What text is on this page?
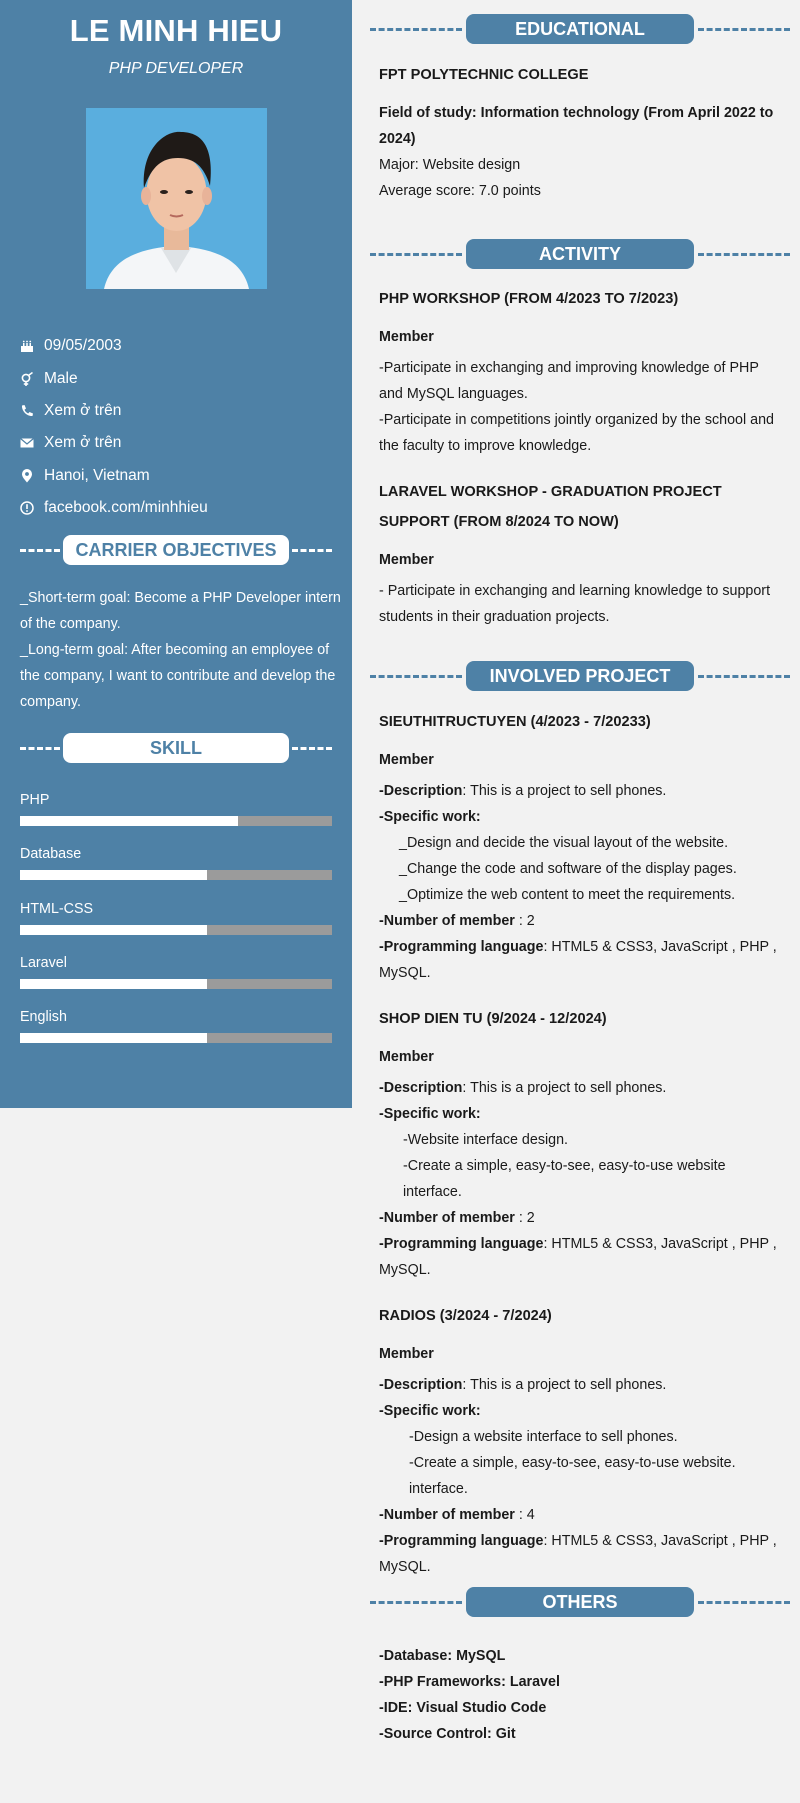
LE MINH HIEU
PHP DEVELOPER
09/05/2003
Male
Xem ở trên
Xem ở trên
Hanoi, Vietnam
facebook.com/minhhieu
CARRIER OBJECTIVES
_Short-term goal: Become a PHP Developer intern of the company.
_Long-term goal: After becoming an employee of the company, I want to contribute and develop the company.
SKILL
PHP
Database
HTML-CSS
Laravel
English
EDUCATIONAL
FPT POLYTECHNIC COLLEGE
Field of study: Information technology (From April 2022 to 2024)
Major: Website design
Average score: 7.0 points
ACTIVITY
PHP WORKSHOP (FROM 4/2023 TO 7/2023)
Member
-Participate in exchanging and improving knowledge of PHP and MySQL languages.
-Participate in competitions jointly organized by the school and the faculty to improve knowledge.
LARAVEL WORKSHOP - GRADUATION PROJECT SUPPORT (FROM 8/2024 TO NOW)
Member
- Participate in exchanging and learning knowledge to support students in their graduation projects.
INVOLVED PROJECT
SIEUTHITRUCTUYEN (4/2023 - 7/20233)
Member
-Description: This is a project to sell phones.
-Specific work:
_Design and decide the visual layout of the website.
_Change the code and software of the display pages.
_Optimize the web content to meet the requirements.
-Number of member : 2
-Programming language: HTML5 & CSS3, JavaScript , PHP , MySQL.
SHOP DIEN TU (9/2024 - 12/2024)
Member
-Description: This is a project to sell phones.
-Specific work:
-Website interface design.
-Create a simple, easy-to-see, easy-to-use website interface.
-Number of member : 2
-Programming language: HTML5 & CSS3, JavaScript , PHP , MySQL.
RADIOS (3/2024 - 7/2024)
Member
-Description: This is a project to sell phones.
-Specific work:
-Design a website interface to sell phones.
-Create a simple, easy-to-see, easy-to-use website. interface.
-Number of member : 4
-Programming language: HTML5 & CSS3, JavaScript , PHP , MySQL.
OTHERS
-Database: MySQL
-PHP Frameworks: Laravel
-IDE: Visual Studio Code
-Source Control: Git
